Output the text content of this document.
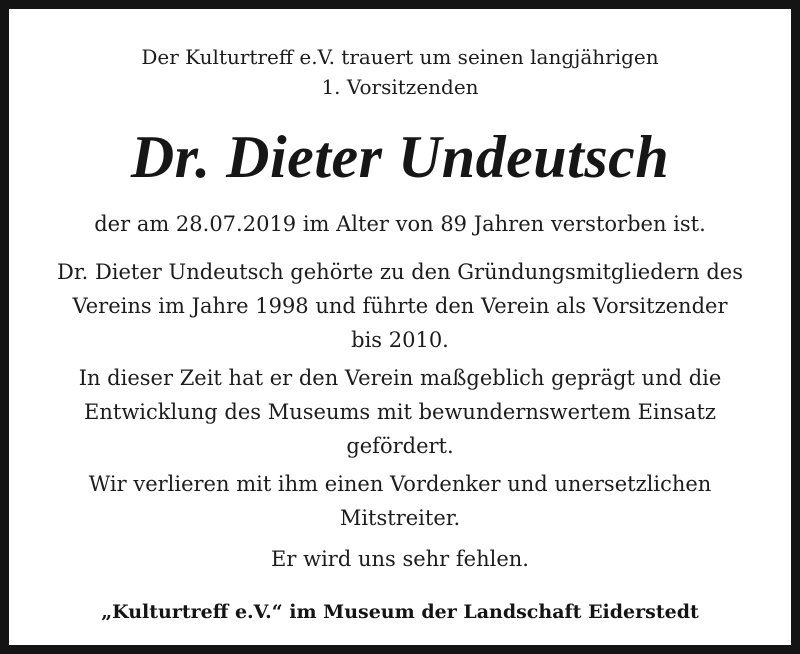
Der Kulturtreff e.V. trauert um seinen langjährigen

1. Vorsitzenden

Dr. Dieter Undeutsch

der am 28.07.2019 im Alter von 89 Jahren verstorben ist.

Dr. Dieter Undeutsch gehörte zu den Gründungsmitgliedern des

Vereins im Jahre 1998 und führte den Verein als Vorsitzender

bis 2010.

In dieser Zeit hat er den Verein maßgeblich geprägt und die

Entwicklung des Museums mit bewundernswertem Einsatz

gefördert.

Wir verlieren mit ihm einen Vordenker und unersetzlichen

Mitstreiter.

Er wird uns sehr fehlen.

„Kulturtreff e.V.“ im Museum der Landschaft Eiderstedt
